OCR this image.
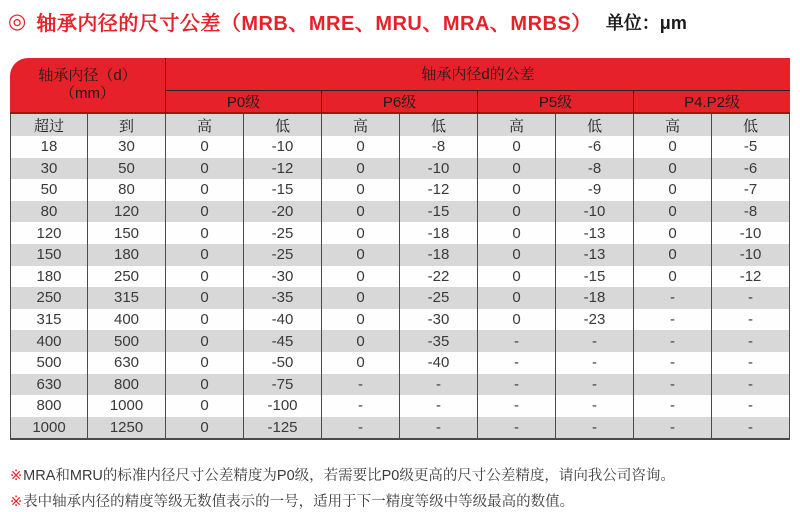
◎ 轴承内径的尺寸公差（MRB、MRE、MRU、MRA、MRBS） 单位：μm
轴承内径（d）
（mm）		轴承内径d的公差							
		P0级		P6级		P5级		P4.P2级	
超过	到	高	低	高	低	高	低	高	低
18	30	0	-10	0	-8	0	-6	0	-5
30	50	0	-12	0	-10	0	-8	0	-6
50	80	0	-15	0	-12	0	-9	0	-7
80	120	0	-20	0	-15	0	-10	0	-8
120	150	0	-25	0	-18	0	-13	0	-10
150	180	0	-25	0	-18	0	-13	0	-10
180	250	0	-30	0	-22	0	-15	0	-12
250	315	0	-35	0	-25	0	-18	-	-
315	400	0	-40	0	-30	0	-23	-	-
400	500	0	-45	0	-35	-	-	-	-
500	630	0	-50	0	-40	-	-	-	-
630	800	0	-75	-	-	-	-	-	-
800	1000	0	-100	-	-	-	-	-	-
1000	1250	0	-125	-	-	-	-	-	-
※MRA和MRU的标准内径尺寸公差精度为P0级，若需要比P0级更高的尺寸公差精度，请向我公司咨询。
※表中轴承内径的精度等级无数值表示的一号，适用于下一精度等级中等级最高的数值。
